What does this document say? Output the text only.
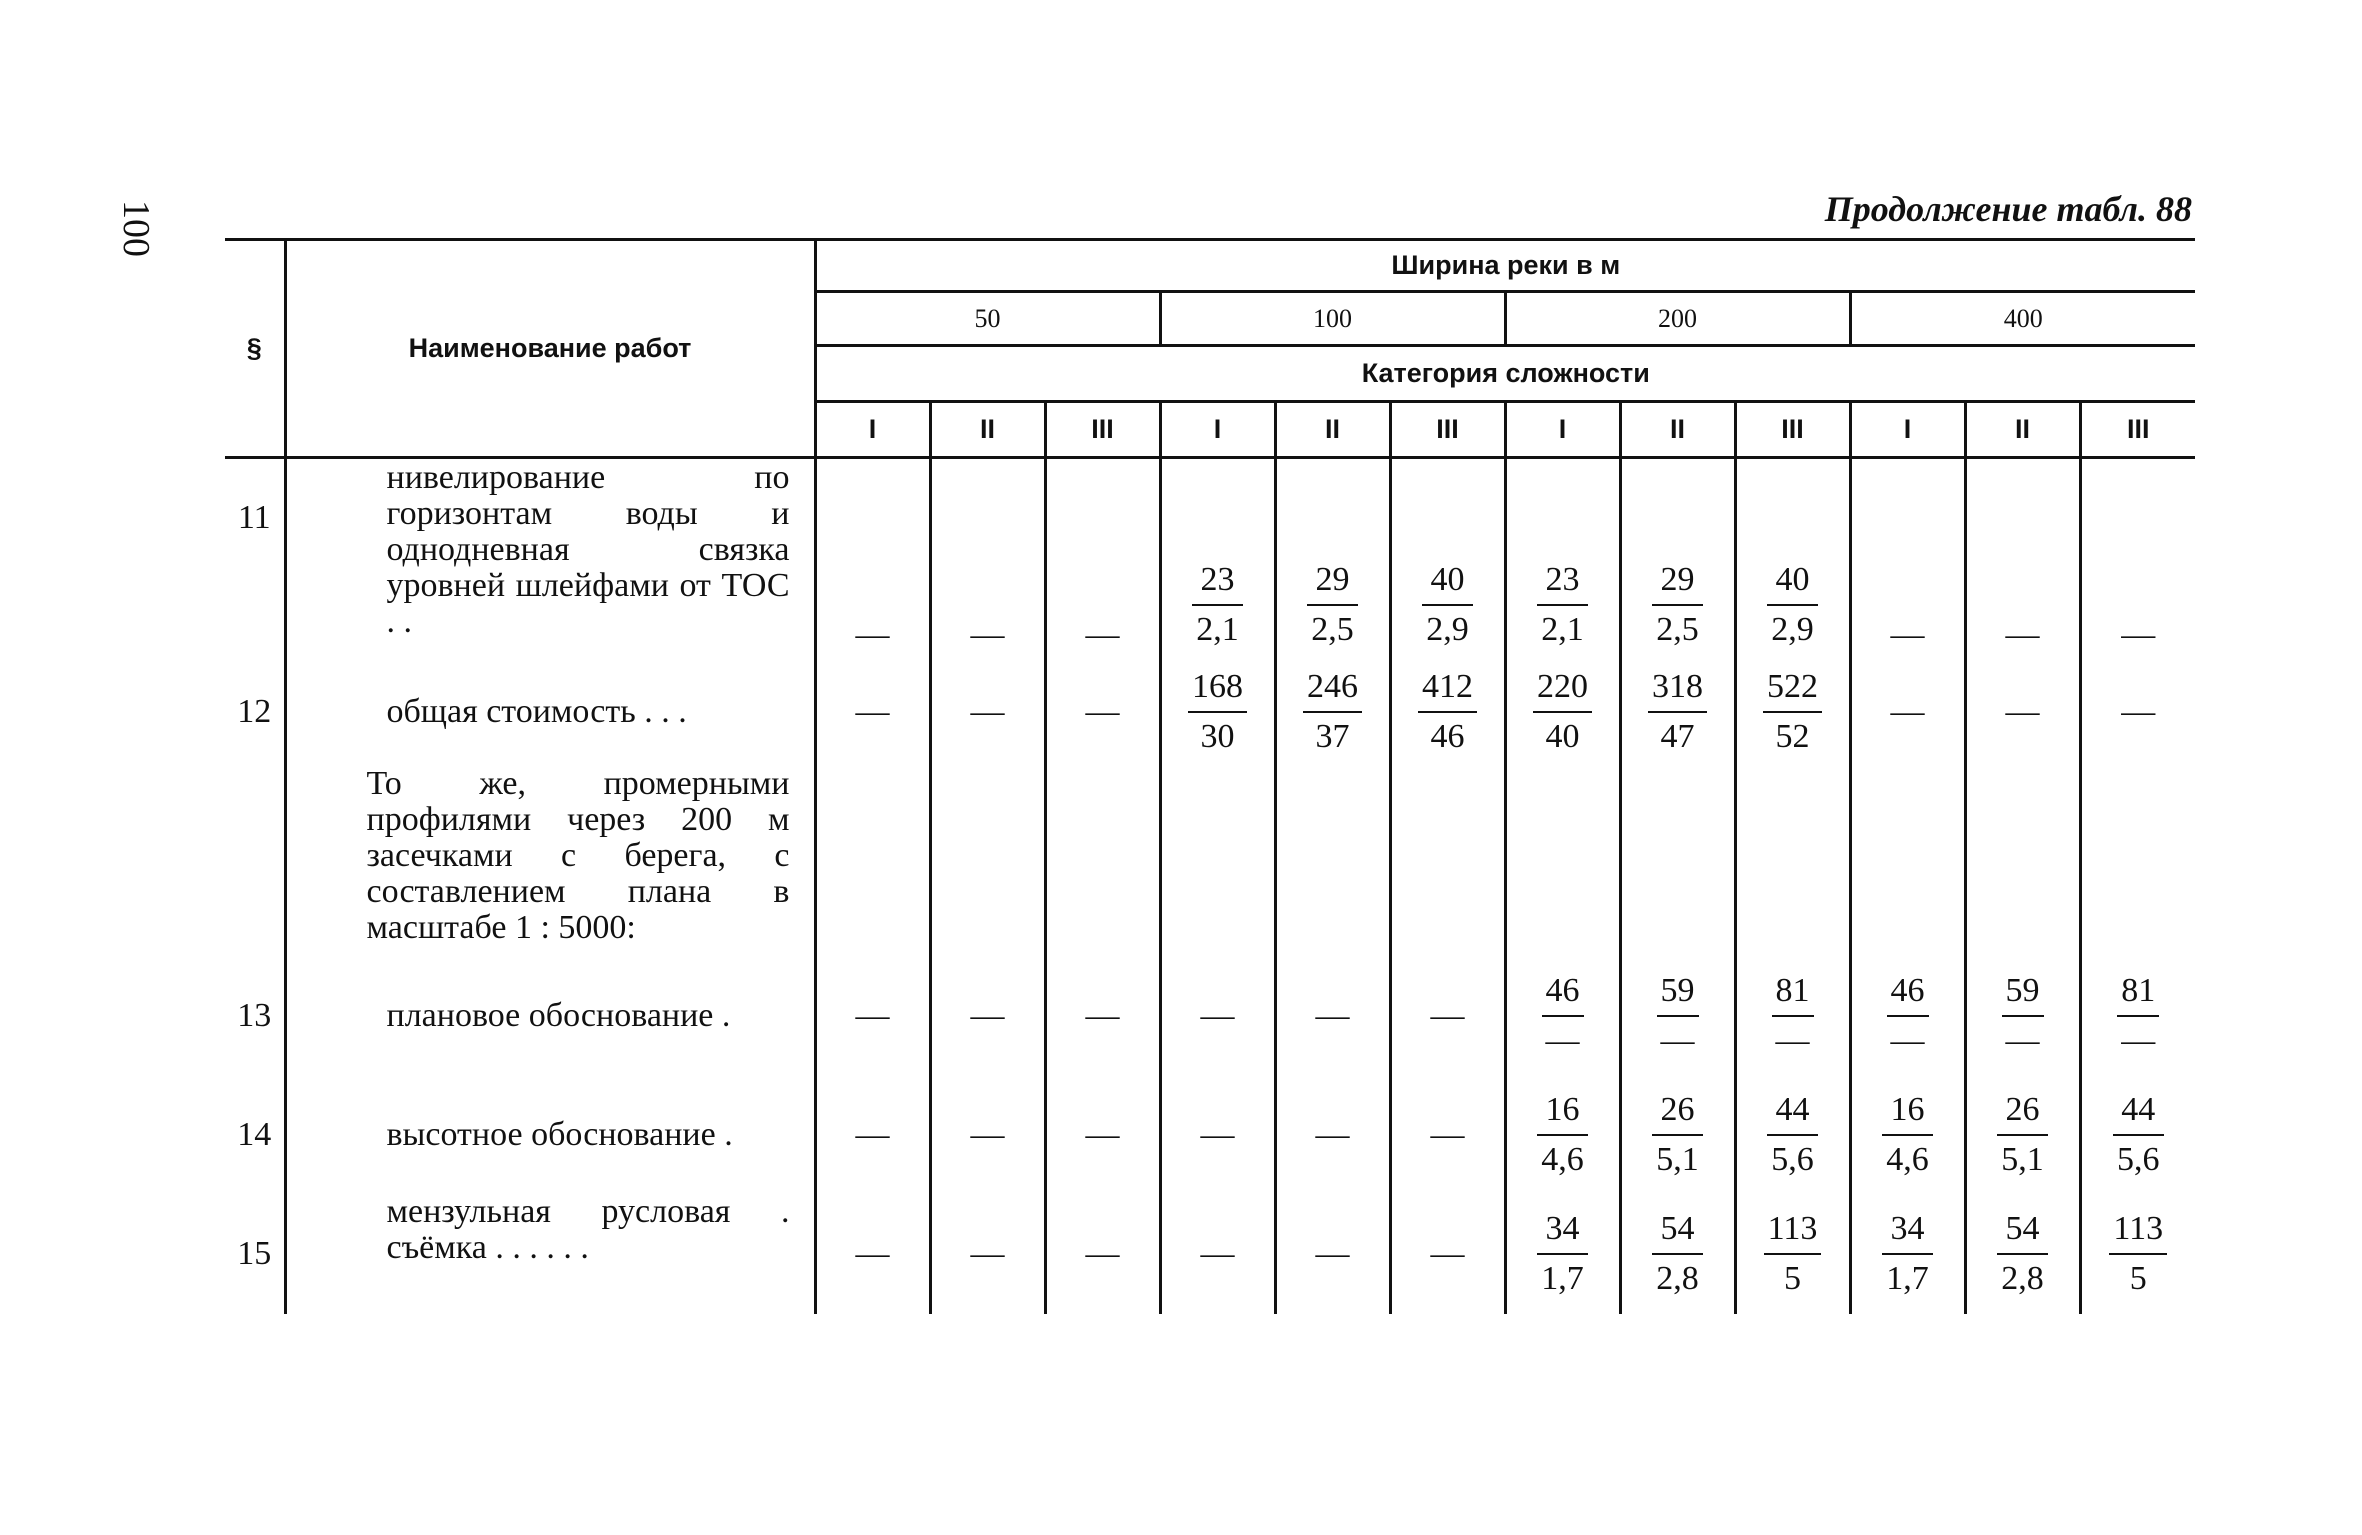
100	Продолжение табл. 88
§	Наименование работ	Ширина реки в м											
		50			100			200			400		
		Категория сложности											
		I	II	III	I	II	III	I	II	III	I	II	III
11	нивелирование по горизонтам воды и однодневная связка уровней шлейфами от ТОС . .	—	—	—	$\frac{23}{2,1}$	$\frac{29}{2,5}$	$\frac{40}{2,9}$	$\frac{23}{2,1}$	$\frac{29}{2,5}$	$\frac{40}{2,9}$	—	—	—
12	общая стоимость . . .	—	—	—	$\frac{168}{30}$	$\frac{246}{37}$	$\frac{412}{46}$	$\frac{220}{40}$	$\frac{318}{47}$	$\frac{522}{52}$	—	—	—
	То же, промерными профилями через 200 м засечками с берега, с составлением плана в масштабе 1 : 5000:												
13	плановое обоснование .	—	—	—	—	—	—	$\frac{46}{—}$	$\frac{59}{—}$	$\frac{81}{—}$	$\frac{46}{—}$	$\frac{59}{—}$	$\frac{81}{—}$

14	высотное обоснование .	—	—	—	—	—	—	$\frac{16}{4,6}$	$\frac{26}{5,1}$	$\frac{44}{5,6}$	$\frac{16}{4,6}$	$\frac{26}{5,1}$	$\frac{44}{5,6}$

15	мензульная русловая . съёмка . . . . . .	—	—	—	—	—	—	$\frac{34}{1,7}$	$\frac{54}{2,8}$	$\frac{113}{5}$	$\frac{34}{1,7}$	$\frac{54}{2,8}$	$\frac{113}{5}$
